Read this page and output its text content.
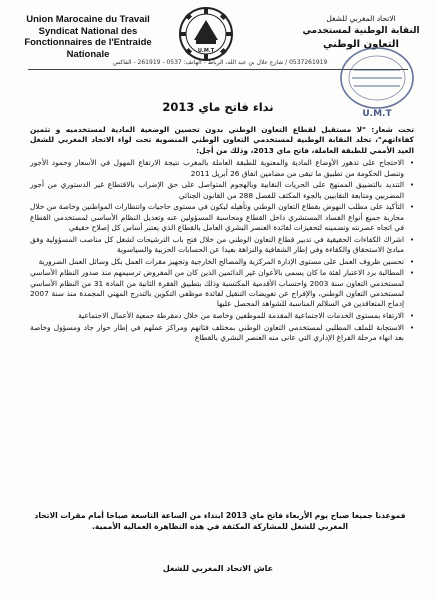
Union Marocaine du Travail
Syndicat National des
Fonctionnaires de l'Entraide
Nationale	U.M.T
الاتحاد المغربي للشغل
النقابة الوطنية لمستخدمي
التعاون الوطني
0537261919 / شارع علال بن عبد الله، الرباط - الهاتف: 0537 - 261919 - الفاكس
U.M.T
نداء فاتح ماي 2013

تحت شعار: "لا مستقبل لقطاع التعاون الوطني بدون تحسين الوضعية المادية لمستخدميه و تثمين كفاءاتهم"، تخلد النقابة الوطنية لمستخدمي التعاون الوطني المنضوية تحت لواء الاتحاد المغربي للشغل العيد الأممي للطبقة العاملة، فاتح ماي 2013، وذلك من أجل:

•
الاحتجاج على تدهور الأوضاع المادية والمعنوية للطبقة العاملة بالمغرب نتيجة الارتفاع المهول في الأسعار وجمود الأجور وتنصل الحكومة من تطبيق ما تبقى من مضامين اتفاق 26 أبريل 2011
•
التنديد بالتضييق الممنهج على الحريات النقابية وبالهجوم المتواصل على حق الإضراب بالاقتطاع غير الدستوري من أجور المضربين ومتابعة النقابيين بالجوء المكثف للفصل 288 من القانون الجنائي
•
التأكيد على مطلب النهوض بقطاع التعاون الوطني وتأهيله ليكون في مستوى حاجيات وانتظارات المواطنين وخاصة من خلال محاربة جميع أنواع الفساد المستشري داخل القطاع ومحاسبة المسؤولين عنه وتعديل النظام الأساسي لمستخدمي القطاع في اتجاه عصرنته وتضمينه لتحفيزات لفائدة العنصر البشري العامل بالقطاع الذي يعتبر أساس كل إصلاح حقيقي
•
اشراك الكفاءات الحقيقية في تدبير قطاع التعاون الوطني من خلال فتح باب الترشيحات لشغل كل مناصب المسؤولية وفق مبادئ الاستحقاق والكفاءة وفي إطار الشفافية والنزاهة بعيدا عن الحسابات الحزبية والسياسوية
•
تحسين ظروف العمل على مستوى الإدارة المركزية والمصالح الخارجية وتجهيز مقرات العمل بكل وسائل العمل الضرورية
•
المطالبة برد الاعتبار لفئة ما كان يسمى بالأعوان غير الدائمين الذين كان من المفروض ترسيمهم منذ صدور النظام الأساسي لمستخدمي التعاون سنة 2003 واحتساب الأقدمية المكتسبة وذلك بتطبيق الفقرة الثانية من المادة 31 من النظام الأساسي لمستخدمي التعاون الوطني، والإفراج عن تعويضات التنقيل لفائدة موظفي التكوين بالتدرج المهني المجمدة منذ سنة 2007 إدماج المتعاقدين في السلالم المناسبة للشواهد المحصل عليها
•
الارتقاء بمستوى الخدمات الاجتماعية المقدمة للموظفين وخاصة من خلال دمقرطة جمعية الأعمال الاجتماعية
•
الاستجابة للملف المطلبي لمستخدمي التعاون الوطني بمختلف فئاتهم ومراكز عملهم في إطار حوار جاد ومسؤول وخاصة بعد انهاء مرحلة الفراغ الإداري التي عانى منه العنصر البشري بالقطاع
فموعدنا جميعا صباح يوم الأربعاء فاتح ماي 2013 ابتداء من الساعة التاسعة صباحا أمام مقرات الاتحاد المغربي للشغل للمشاركة المكثفة في هذه التظاهرة العمالية الأممية.
عاش الاتحاد المغربي للشغل
